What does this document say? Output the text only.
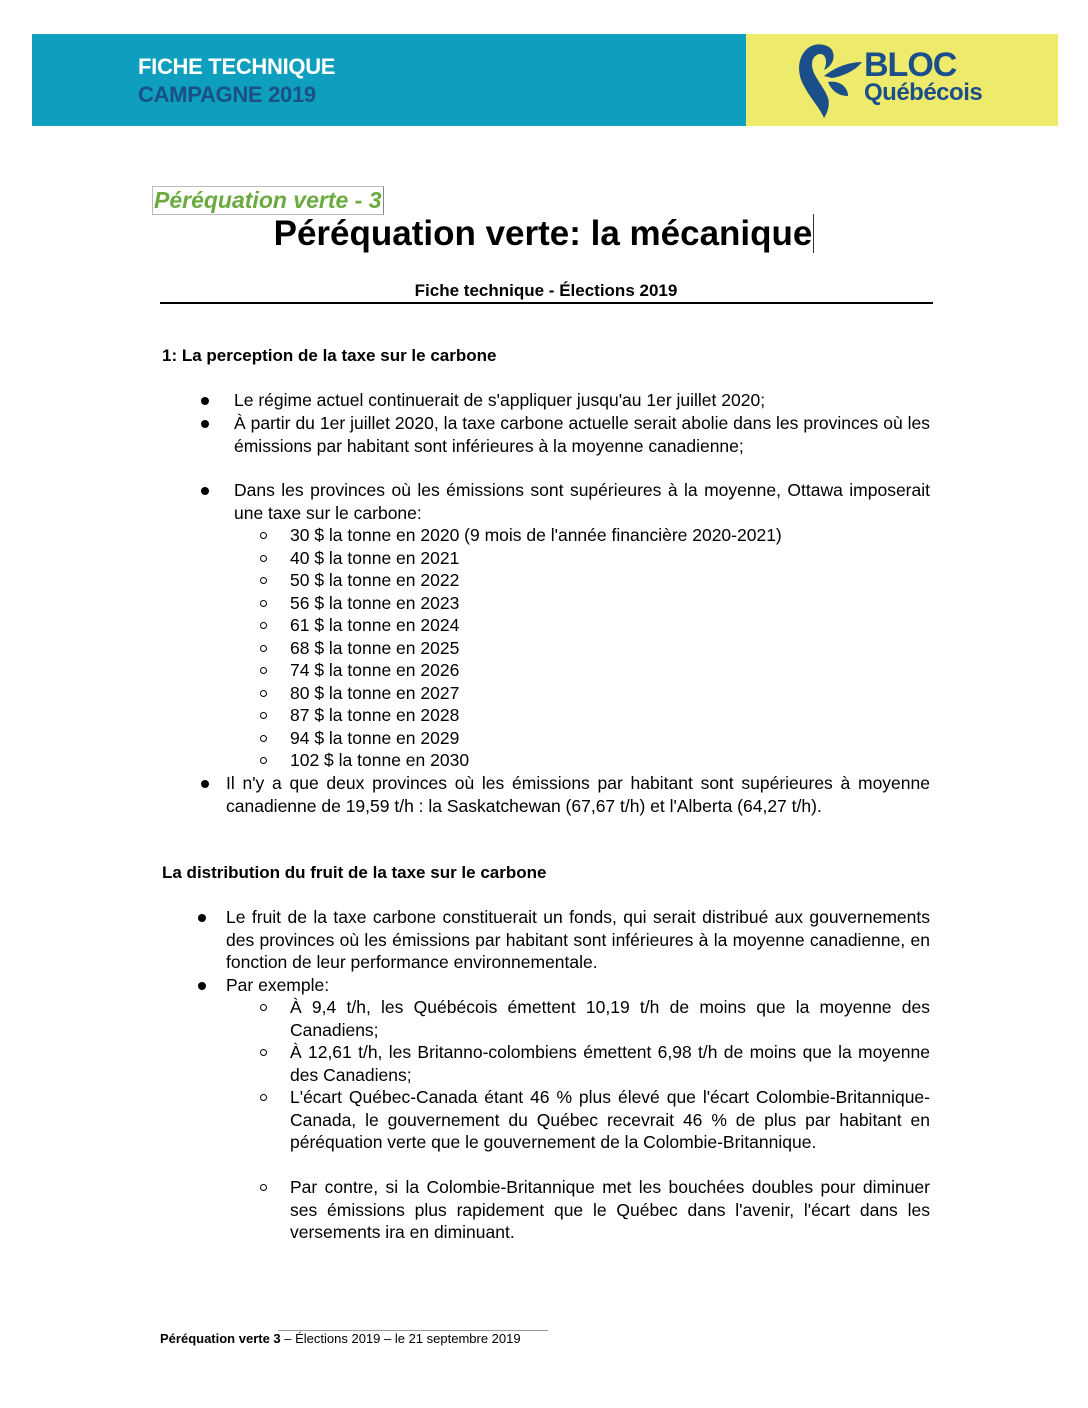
FICHE TECHNIQUE
CAMPAGNE 2019
BLOC
Québécois
Péréquation verte - 3
Péréquation verte: la mécanique
Fiche technique - Élections 2019
1: La perception de la taxe sur le carbone
Le régime actuel continuerait de s'appliquer jusqu'au 1er juillet 2020;
À partir du 1er juillet 2020, la taxe carbone actuelle serait abolie dans les provinces où les émissions par habitant sont inférieures à la moyenne canadienne;
Dans les provinces où les émissions sont supérieures à la moyenne, Ottawa imposerait une taxe sur le carbone:
30 $ la tonne en 2020 (9 mois de l'année financière 2020-2021)
40 $ la tonne en 2021
50 $ la tonne en 2022
56 $ la tonne en 2023
61 $ la tonne en 2024
68 $ la tonne en 2025
74 $ la tonne en 2026
80 $ la tonne en 2027
87 $ la tonne en 2028
94 $ la tonne en 2029
102 $ la tonne en 2030
Il n'y a que deux provinces où les émissions par habitant sont supérieures à moyenne canadienne de 19,59 t/h : la Saskatchewan (67,67 t/h) et l'Alberta (64,27 t/h).
La distribution du fruit de la taxe sur le carbone
Le fruit de la taxe carbone constituerait un fonds, qui serait distribué aux gouvernements des provinces où les émissions par habitant sont inférieures à la moyenne canadienne, en fonction de leur performance environnementale.
Par exemple:
À 9,4 t/h, les Québécois émettent 10,19 t/h de moins que la moyenne des Canadiens;
À 12,61 t/h, les Britanno-colombiens émettent 6,98 t/h de moins que la moyenne des Canadiens;
L'écart Québec-Canada étant 46 % plus élevé que l'écart Colombie-Britannique-Canada, le gouvernement du Québec recevrait 46 % de plus par habitant en péréquation verte que le gouvernement de la Colombie-Britannique.
Par contre, si la Colombie-Britannique met les bouchées doubles pour diminuer ses émissions plus rapidement que le Québec dans l'avenir, l'écart dans les versements ira en diminuant.
Péréquation verte 3 – Élections 2019 – le 21 septembre 2019
